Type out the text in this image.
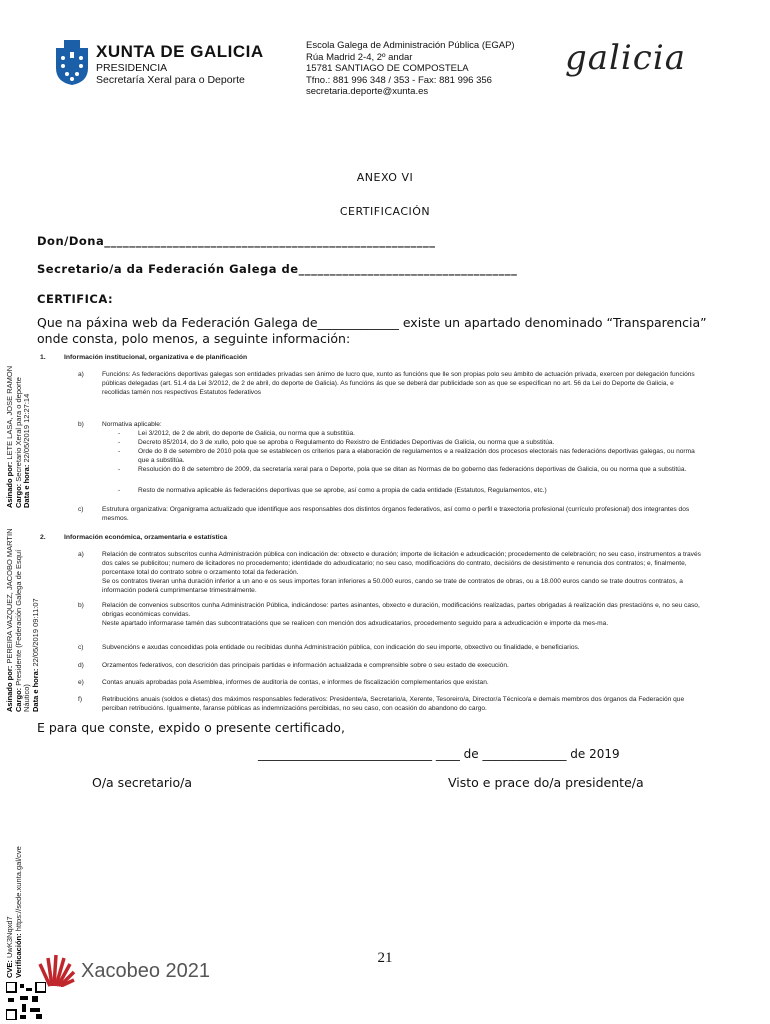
XUNTA DE GALICIA
PRESIDENCIA
Secretaría Xeral para o Deporte
Escola Galega de Administración Pública (EGAP)
Rúa Madrid 2-4, 2º andar
15781 SANTIAGO DE COMPOSTELA
Tfno.: 881 996 348 / 353 - Fax: 881 996 356
secretaria.deporte@xunta.es
galicia
ANEXO VI
CERTIFICACIÓN
Don/Dona_____________________________________________________
Secretario/a da Federación Galega de___________________________________
CERTIFICA:
Que na páxina web da Federación Galega de_____________ existe un apartado denominado “Transparencia”
onde consta, polo menos, a seguinte información:
1.	Información institucional, organizativa e de planificación
a)	Funcións: As federacións deportivas galegas son entidades privadas sen ánimo de lucro que, xunto as funcións que lle son propias polo seu ámbito de actuación privada, exercen por delegación funcións públicas delegadas (art. 51.4 da Lei 3/2012, de 2 de abril, do deporte de Galicia). As funcións ás que se deberá dar publicidade son as que se especifican no art. 56 da Lei do Deporte de Galicia, e recollidas tamén nos respectivos Estatutos federativos
b)	Normativa aplicable:
-	Lei 3/2012, de 2 de abril, do deporte de Galicia, ou norma que a substitúa.
-	Decreto 85/2014, do 3 de xullo, polo que se aproba o Regulamento do Rexistro de Entidades Deportivas de Galicia, ou norma que a substitúa.
-	Orde do 8 de setembro de 2010 pola que se establecen os criterios para a elaboración de regulamentos e a realización dos procesos electorais nas federacións deportivas galegas, ou norma que a substitúa.
-	Resolución do 8 de setembro de 2009, da secretaría xeral para o Deporte, pola que se ditan as Normas de bo goberno das federacións deportivas de Galicia, ou ou norma que a substitúa.
-	Resto de normativa aplicable ás federacións deportivas que se aprobe, así como a propia de cada entidade (Estatutos, Regulamentos, etc.)
c)	Estrutura organizativa: Organigrama actualizado que identifique aos responsables dos distintos órganos federativos, así como o perfil e traxectoria profesional (currículo profesional) dos integrantes dos mesmos.
2.	Información económica, orzamentaria e estatística
a)	Relación de contratos subscritos cunha Administración pública con indicación de: obxecto e duración; importe de licitación e adxudicación; procedemento de celebración; no seu caso, instrumentos a través dos cales se publicitou; numero de licitadores no procedemento; identidade do adxudicatario; no seu caso, modificacións do contrato, decisións de desistimento e renuncia dos contratos; e, finalmente, porcentaxe total do contrato sobre o orzamento total da federación.
Se os contratos tiveran unha duración inferior a un ano e os seus importes foran inferiores a 50.000 euros, cando se trate de contratos de obras, ou a 18.000 euros cando se trate doutros contratos, a información poderá cumprimentarse trimestralmente.
b)	Relación de convenios subscritos cunha Administración Pública, indicándose: partes asinantes, obxecto e duración, modificacións realizadas, partes obrigadas á realización das prestacións e, no seu caso, obrigas económicas convidas.
Neste apartado informarase tamén das subcontratacións que se realicen con mención dos adxudicatarios, procedemento seguido para a adxudicación e importe da mes-ma.
c)	Subvencións e axudas concedidas pola entidade ou recibidas dunha Administración pública, con indicación do seu importe, obxectivo ou finalidade, e beneficiarios.
d)	Orzamentos federativos, con descrición das principais partidas e información actualizada e comprensible sobre o seu estado de execución.
e)	Contas anuais aprobadas pola Asemblea, informes de auditoría de contas, e informes de fiscalización complementarios que existan.
f)	Retribucións anuais (soldos e dietas) dos máximos responsables federativos: Presidente/a, Secretario/a, Xerente, Tesoreiro/a, Director/a Técnico/a e demais membros dos órganos da Federación que perciban retribucións. Igualmente, faranse públicas as indemnizacións percibidas, no seu caso, con ocasión do abandono do cargo.
E para que conste, expido o presente certificado,
_____________________________ ____ de ______________ de 2019
O/a secretario/a	Visto e prace do/a presidente/a
21
Asinado por: LETE LASA, JOSE RAMON
Cargo: Secretario Xeral para o deporte
Data e hora: 22/05/2019 12:27:14
Asinado por: PEREIRA VAZQUEZ, JACOBO MARTIN
Cargo: Presidente (Federación Galega de Esquí
Náutico) Data e hora: 22/05/2019 09:11:07
CVE: UwK3Nqxd7 Verificación: https://sede.xunta.gal/cve
Xacobeo 2021
